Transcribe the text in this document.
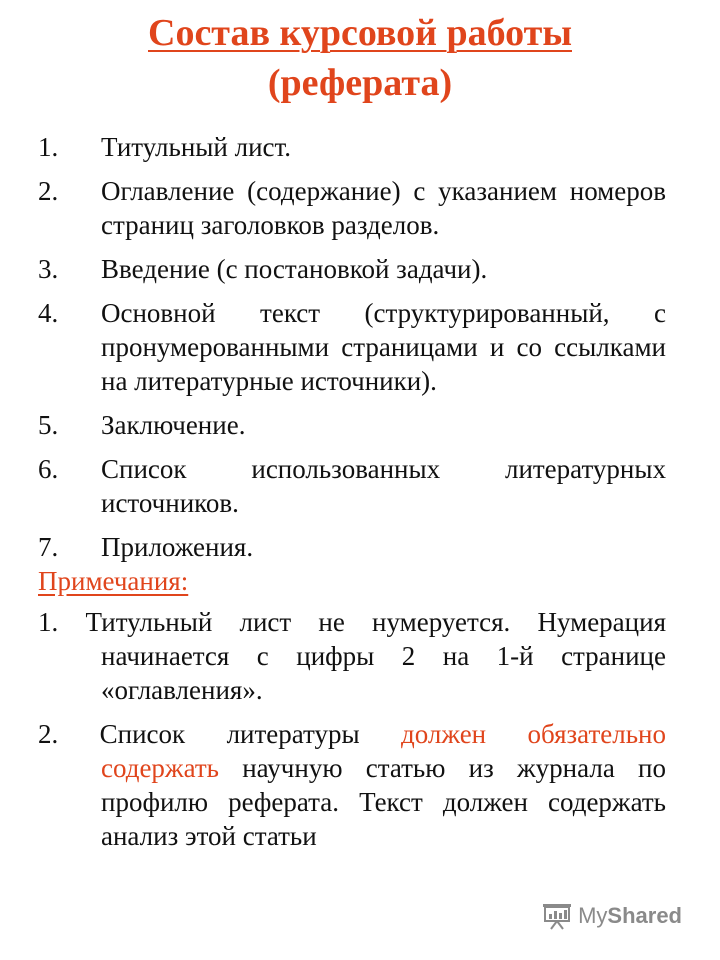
Состав курсовой работы
(реферата)
1. Титульный лист.
2. Оглавление (содержание) с указанием номеров страниц заголовков разделов.
3. Введение (с постановкой задачи).
4. Основной текст (структурированный, с пронумерованными страницами и со ссылками на литературные источники).
5. Заключение.
6. Список использованных литературных источников.
7. Приложения.
Примечания:
1. Титульный лист не нумеруется. Нумерация
начинается с цифры 2 на 1-й странице «оглавления».
2. Список литературы должен обязательно
содержать научную статью из журнала по профилю реферата. Текст должен содержать анализ этой статьи
MyShared
